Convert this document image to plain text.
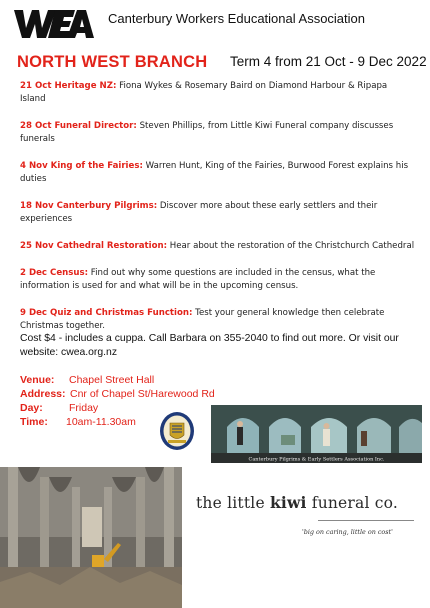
Canterbury Workers Educational Association
NORTH WEST BRANCH Term 4 from 21 Oct - 9 Dec 2022

21 Oct Heritage NZ: Fiona Wykes & Rosemary Baird on Diamond Harbour & Ripapa Island

28 Oct Funeral Director: Steven Phillips, from Little Kiwi Funeral company discusses funerals

4 Nov King of the Fairies: Warren Hunt, King of the Fairies, Burwood Forest explains his duties

18 Nov Canterbury Pilgrims: Discover more about these early settlers and their experiences

25 Nov Cathedral Restoration: Hear about the restoration of the Christchurch Cathedral

2 Dec Census: Find out why some questions are included in the census, what the information is used for and what will be in the upcoming census.

9 Dec Quiz and Christmas Function: Test your general knowledge then celebrate Christmas together.

Cost $4 - includes a cuppa. Call Barbara on 355-2040 to find out more. Or visit our website: cwea.org.nz

Venue: Chapel Street Hall
Address: Cnr of Chapel St/Harewood Rd
Day: Friday
Time: 10am-11.30am
Canterbury Pilgrims & Early Settlers Association Inc.
the little kiwi funeral co.
'big on caring, little on cost'
